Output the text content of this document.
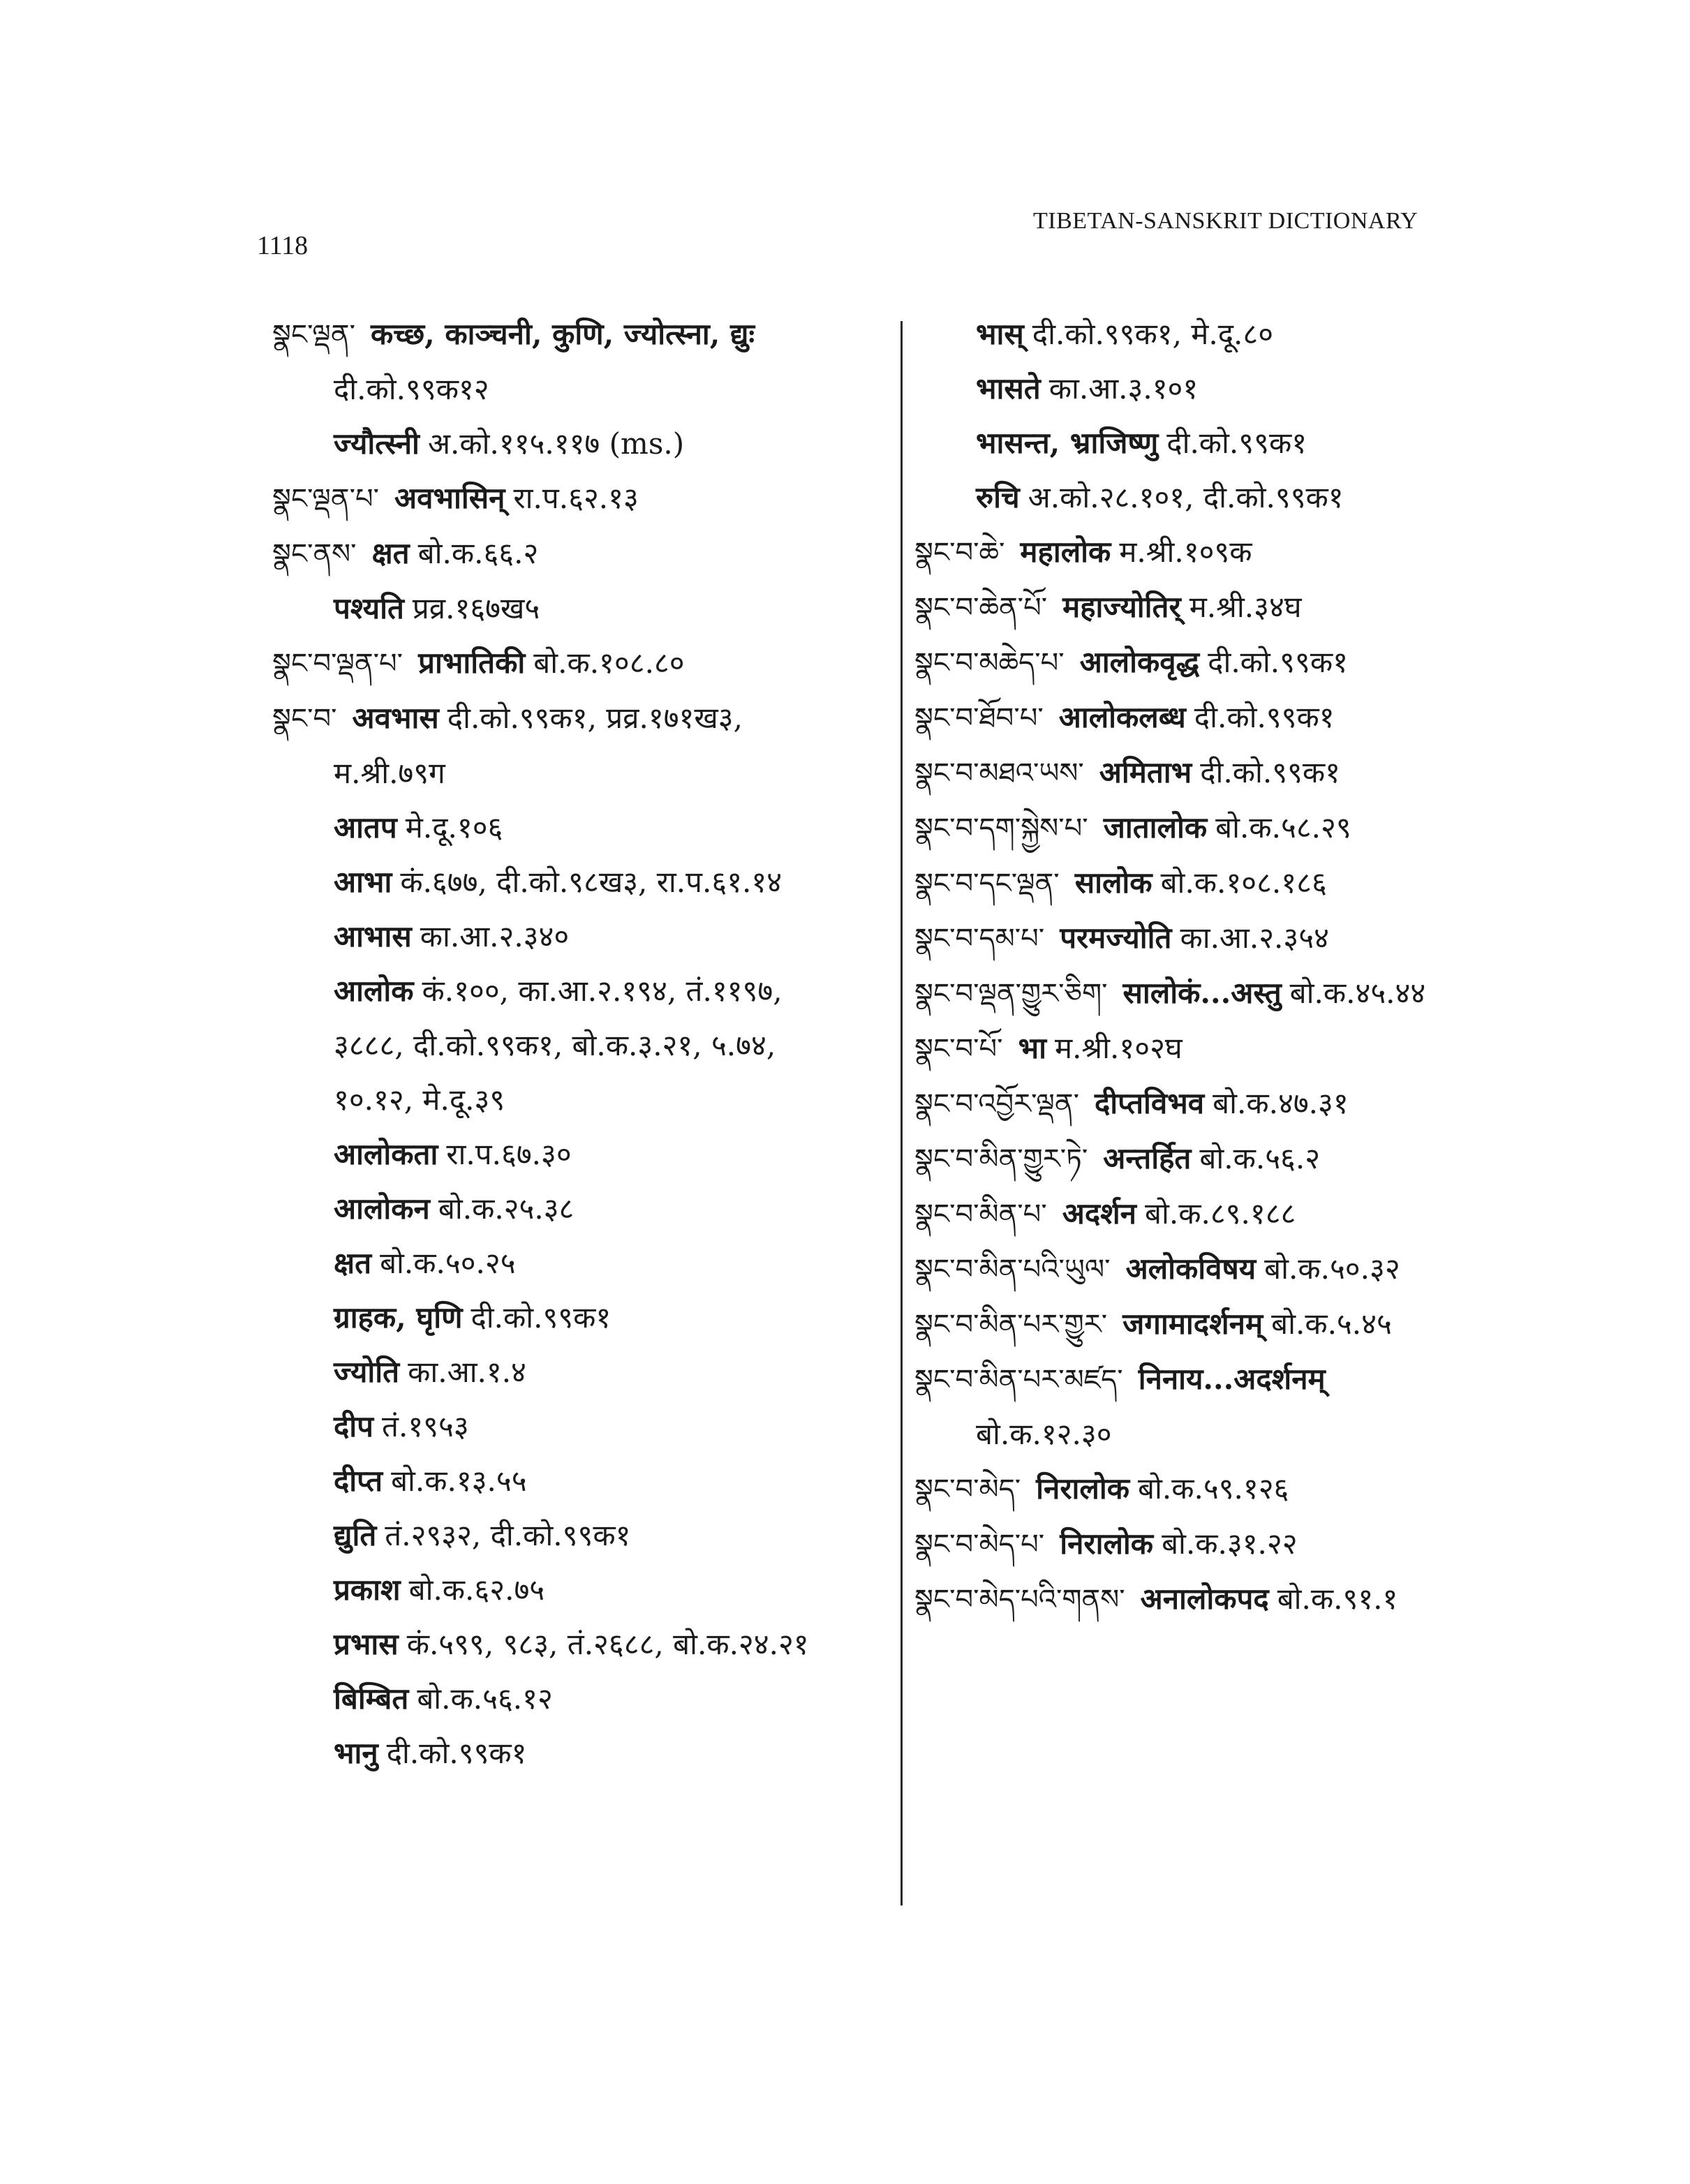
1118
TIBETAN-SANSKRIT DICTIONARY
སྣང་ལྡན་ कच्छ, काञ्चनी, कुणि, ज्योत्स्ना, द्युः
दी.को.९९क१२
ज्यौत्स्नी अ.को.११५.११७ (ms.)
སྣང་ལྡན་པ་ अवभासिन् रा.प.६२.१३
སྣང་ནས་ क्षत बो.क.६६.२
पश्यति प्रव्र.१६७ख५
སྣང་བ་ལྡན་པ་ प्राभातिकी बो.क.१०८.८०
སྣང་བ་ अवभास दी.को.९९क१, प्रव्र.१७१ख३,
म.श्री.७९ग
आतप मे.दू.१०६
आभा कं.६७७, दी.को.९८ख३, रा.प.६१.१४
आभास का.आ.२.३४०
आलोक कं.१००, का.आ.२.१९४, तं.११९७,
३८८८, दी.को.९९क१, बो.क.३.२१, ५.७४,
१०.१२, मे.दू.३९
आलोकता रा.प.६७.३०
आलोकन बो.क.२५.३८
क्षत बो.क.५०.२५
ग्राहक, घृणि दी.को.९९क१
ज्योति का.आ.१.४
दीप तं.१९५३
दीप्त बो.क.१३.५५
द्युति तं.२९३२, दी.को.९९क१
प्रकाश बो.क.६२.७५
प्रभास कं.५९९, ९८३, तं.२६८८, बो.क.२४.२१
बिम्बित बो.क.५६.१२
भानु दी.को.९९क१
भास् दी.को.९९क१, मे.दू.८०
भासते का.आ.३.१०१
भासन्त, भ्राजिष्णु दी.को.९९क१
रुचि अ.को.२८.१०१, दी.को.९९क१
སྣང་བ་ཆེ་ महालोक म.श्री.१०९क
སྣང་བ་ཆེན་པོ་ महाज्योतिर् म.श्री.३४घ
སྣང་བ་མཆེད་པ་ आलोकवृद्ध दी.को.९९क१
སྣང་བ་ཐོབ་པ་ आलोकलब्ध दी.को.९९क१
སྣང་བ་མཐའ་ཡས་ अमिताभ दी.को.९९क१
སྣང་བ་དག་སྐྱེས་པ་ जातालोक बो.क.५८.२९
སྣང་བ་དང་ལྡན་ सालोक बो.क.१०८.१८६
སྣང་བ་དམ་པ་ परमज्योति का.आ.२.३५४
སྣང་བ་ལྡན་གྱུར་ཅིག་ सालोकं...अस्तु बो.क.४५.४४
སྣང་བ་པོ་ भा म.श्री.१०२घ
སྣང་བ་འབྱོར་ལྡན་ दीप्तविभव बो.क.४७.३१
སྣང་བ་མིན་གྱུར་ཏེ་ अन्तर्हित बो.क.५६.२
སྣང་བ་མིན་པ་ अदर्शन बो.क.८९.१८८
སྣང་བ་མིན་པའི་ཡུལ་ अलोकविषय बो.क.५०.३२
སྣང་བ་མིན་པར་གྱུར་ जगामादर्शनम् बो.क.५.४५
སྣང་བ་མིན་པར་མཛད་ निनाय...अदर्शनम्
बो.क.१२.३०
སྣང་བ་མེད་ निरालोक बो.क.५९.१२६
སྣང་བ་མེད་པ་ निरालोक बो.क.३१.२२
སྣང་བ་མེད་པའི་གནས་ अनालोकपद बो.क.९१.१
